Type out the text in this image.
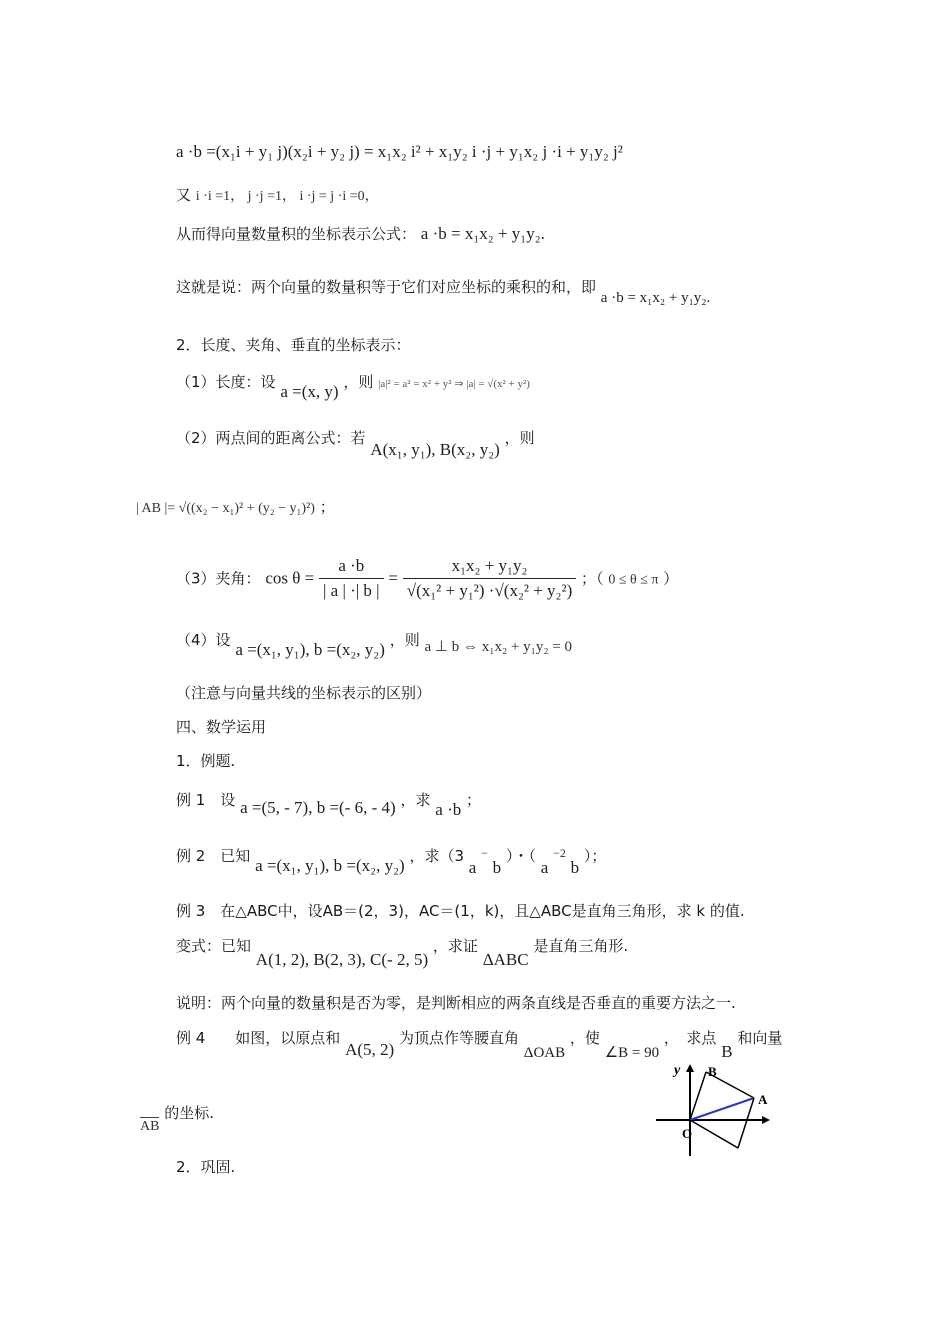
a ·b =(x₁i + y₁ j)(x₂i + y₂ j) = x₁x₂ i² + x₁y₂ i ·j + y₁x₂ j ·i + y₁y₂ j²
又 i ·i =1， j ·j =1， i ·j = j ·i =0，
从而得向量数量积的坐标表示公式： a ·b = x₁x₂ + y₁y₂.
这就是说：两个向量的数量积等于它们对应坐标的乘积的和，即 a ·b = x₁x₂ + y₁y₂.
2．长度、夹角、垂直的坐标表示：
（1）长度：设 a =(x, y) ，则 |a|² = a² = x² + y² ⇒ |a| = √(x² + y²)
（2）两点间的距离公式：若 A(x₁, y₁), B(x₂, y₂) ，则
| AB |= √((x₂ − x₁)² + (y₂ − y₁)²) ；
（3）夹角： $\cos \theta = \frac{a \cdot b}{| a | \cdot| b |} = \frac{\text{x₁x₂ + y₁y₂}}{\text{√(x₁² + y₁²) ·√(x₂² + y₂²)}}$ ；（ 0 ≤ θ ≤ π ）
（4）设 a =(x₁, y₁), b =(x₂, y₂) ，则 a ⊥ b ⇔ x₁x₂ + y₁y₂ = 0
（注意与向量共线的坐标表示的区别）
四、数学运用
1．例题.
例 1　设 a =(5, - 7), b =(- 6, - 4) ，求 a ·b ；
例 2　已知 a =(x₁, y₁), b =(x₂, y₂) ，求（3 a − b ）・（ a $^{-2}$ b ）；
例 3　在△ABC中，设AB＝(2，3)，AC＝(1，k)，且△ABC是直角三角形，求 k 的值.
变式：已知 A(1, 2), B(2, 3), C(- 2, 5) ，求证 ΔABC 是直角三角形.
说明：两个向量的数量积是否为零，是判断相应的两条直线是否垂直的重要方法之一.
例 4　　如图，以原点和 A(5, 2) 为顶点作等腰直角 ΔOAB ，使 ∠B = 90 ，　求点 B 和向量
AB 的坐标.
y B
A
O
2．巩固.
